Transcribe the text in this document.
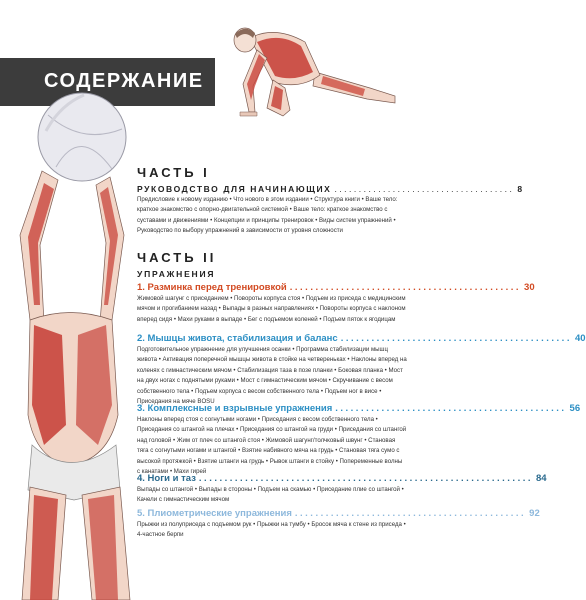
СОДЕРЖАНИЕ
ЧАСТЬ I
РУКОВОДСТВО ДЛЯ НАЧИНАЮЩИХ ..................................... 8
Предисловие к новому изданию • Что нового в этом издании • Структура книги • Ваше тело: краткое знакомство с опорно-двигательной системой • Ваше тело: краткое знакомство с суставами и движениями • Концепции и принципы тренировок • Виды систем упражнений • Руководство по выбору упражнений в зависимости от уровня сложности
ЧАСТЬ II
УПРАЖНЕНИЯ
1. Разминка перед тренировкой ............................................. 30
Жимовой шагунг с приседанием • Повороты корпуса стоя • Подъем из приседа с медицинским мячом и прогибанием назад • Выпады в разных направлениях • Повороты корпуса с наклоном вперед сидя • Махи руками в выпаде • Бег с подъемом коленей • Подъем пяток к ягодицам
2. Мышцы живота, стабилизация и баланс ............................................. 40
Подготовительное упражнение для улучшения осанки • Программа стабилизации мышц живота • Активация поперечной мышцы живота в стойке на четвереньках • Наклоны вперед на коленях с гимнастическим мячом • Стабилизация таза в позе планки • Боковая планка • Мост на двух ногах с поднятыми руками • Мост с гимнастическим мячом • Скручивание с весом собственного тела • Подъем корпуса с весом собственного тела • Подъем ног в висе • Приседания на мяче BOSU
3. Комплексные и взрывные упражнения ............................................. 56
Наклоны вперед стоя с согнутыми ногами • Приседания с весом собственного тела • Приседания со штангой на плечах • Приседания со штангой на груди • Приседания со штангой над головой • Жим от плеч со штангой стоя • Жимовой шагунг/толчковый швунг • Становая тяга с согнутыми ногами и штангой • Взятие набивного мяча на грудь • Становая тяга сумо с высокой протяжкой • Взятие штанги на грудь • Рывок штанги в стойку • Попеременные волны с канатами • Махи гирей
4. Ноги и таз ................................................................. 84
Выпады со штангой • Выпады в стороны • Подъем на скамью • Приседание плие со штангой • Качели с гимнастическим мячом
5. Плиометрические упражнения ............................................. 92
Прыжки из полуприседа с подъемом рук • Прыжки на тумбу • Бросок мяча к стене из приседа • 4-частное берпи
